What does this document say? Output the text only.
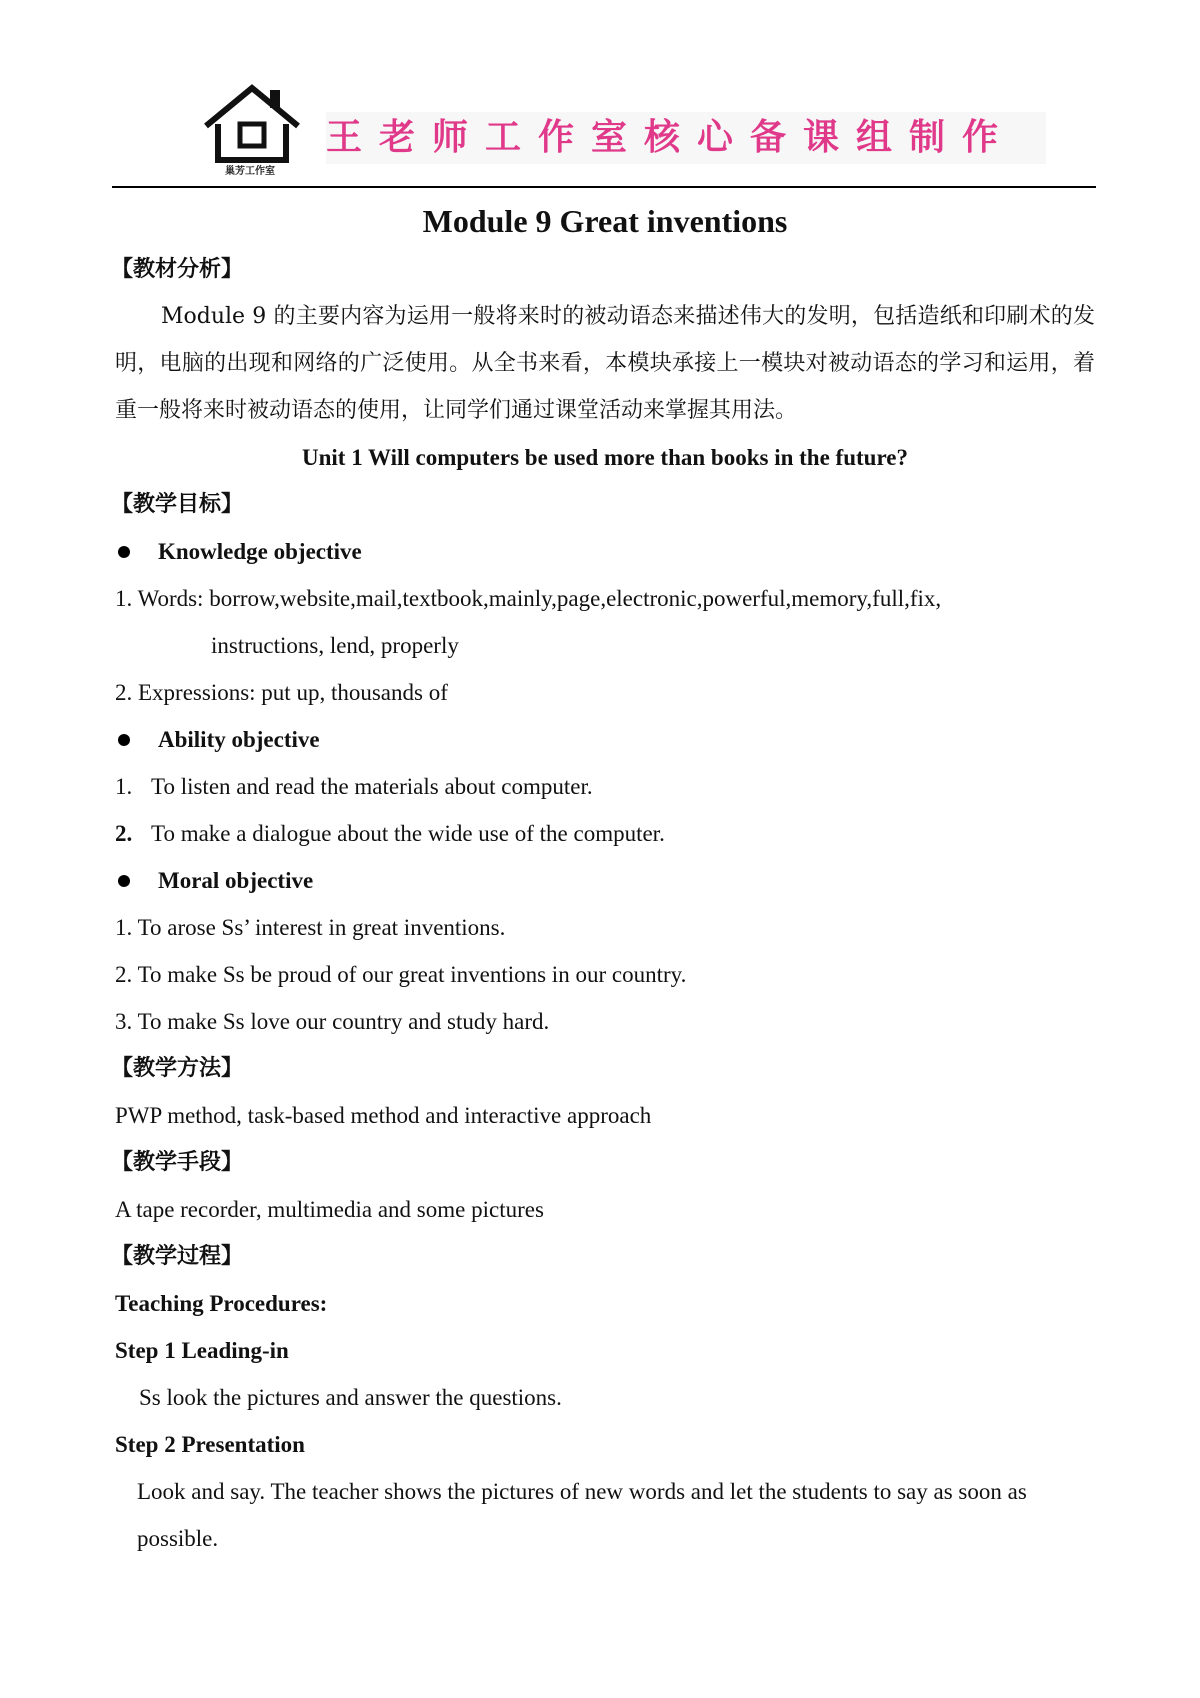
巢芳工作室
王老师工作室核心备课组制作
Module 9 Great inventions
【教材分析】

Module 9 的主要内容为运用一般将来时的被动语态来描述伟大的发明，包括造纸和印刷术的发明，电脑的出现和网络的广泛使用。从全书来看，本模块承接上一模块对被动语态的学习和运用，着重一般将来时被动语态的使用，让同学们通过课堂活动来掌握其用法。

Unit 1 Will computers be used more than books in the future?
【教学目标】
Knowledge objective
1. Words: borrow,website,mail,textbook,mainly,page,electronic,powerful,memory,full,fix,
instructions, lend, properly
2. Expressions: put up, thousands of
Ability objective
1. To listen and read the materials about computer.
2. To make a dialogue about the wide use of the computer.
Moral objective
1. To arose Ss’ interest in great inventions.
2. To make Ss be proud of our great inventions in our country.
3. To make Ss love our country and study hard.
【教学方法】
PWP method, task-based method and interactive approach
【教学手段】
A tape recorder, multimedia and some pictures
【教学过程】
Teaching Procedures:
Step 1 Leading-in
Ss look the pictures and answer the questions.
Step 2 Presentation
Look and say. The teacher shows the pictures of new words and let the students to say as soon as possible.
